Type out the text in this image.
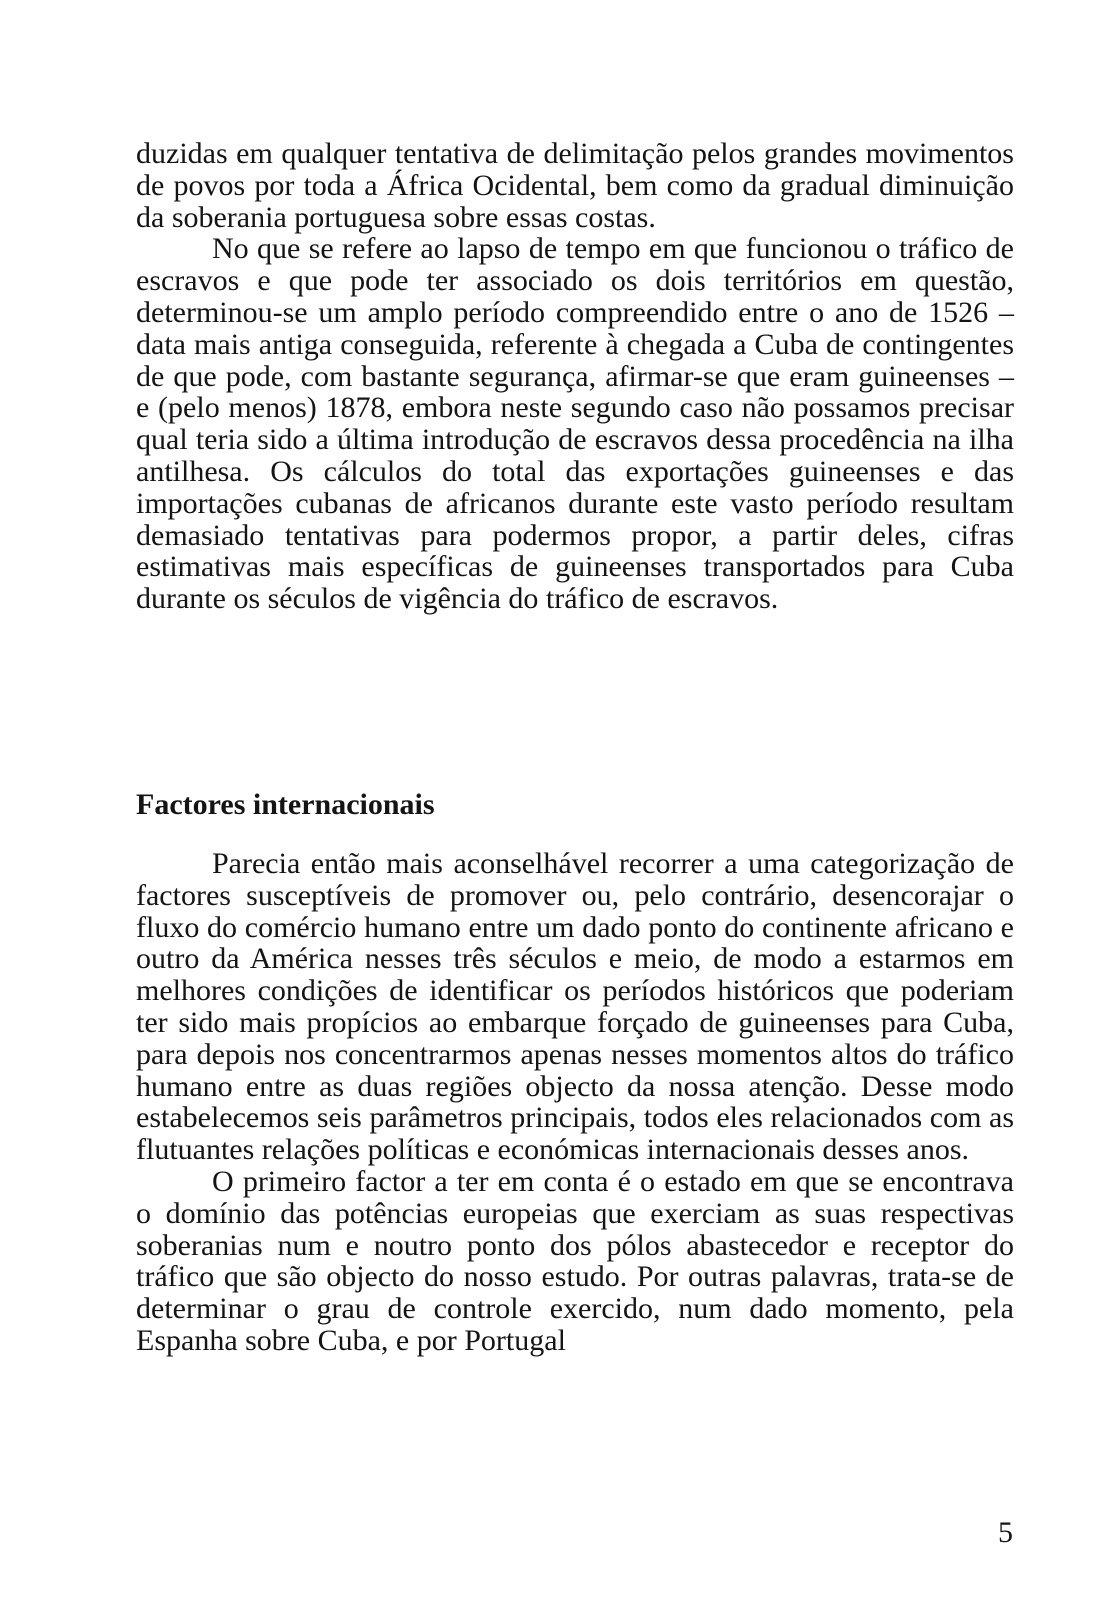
duzidas em qualquer tentativa de delimitação pelos grandes movimentos de povos por toda a África Ocidental, bem como da gradual diminuição da soberania portuguesa sobre essas costas.

No que se refere ao lapso de tempo em que funcionou o tráfico de escravos e que pode ter associado os dois territórios em questão, determinou-se um amplo período compreendido entre o ano de 1526 – data mais antiga conseguida, referente à chegada a Cuba de contingentes de que pode, com bastante segurança, afirmar-se que eram guineenses – e (pelo menos) 1878, embora neste segundo caso não possamos precisar qual teria sido a última introdução de escravos dessa procedência na ilha antilhesa. Os cálculos do total das exportações guineenses e das importações cubanas de africanos durante este vasto período resultam demasiado tentativas para podermos propor, a partir deles, cifras estimativas mais específicas de guineenses transportados para Cuba durante os séculos de vigência do tráfico de escravos.

Factores internacionais

Parecia então mais aconselhável recorrer a uma categorização de factores susceptíveis de promover ou, pelo contrário, desencorajar o fluxo do comércio humano entre um dado ponto do continente africano e outro da América nesses três séculos e meio, de modo a estarmos em melhores condições de identificar os períodos históricos que poderiam ter sido mais propícios ao embarque forçado de guineenses para Cuba, para depois nos concentrarmos apenas nesses momentos altos do tráfico humano entre as duas regiões objecto da nossa atenção. Desse modo estabelecemos seis parâmetros principais, todos eles relacionados com as flutuantes relações políticas e económicas internacionais desses anos.

O primeiro factor a ter em conta é o estado em que se encontrava o domínio das potências europeias que exerciam as suas respectivas soberanias num e noutro ponto dos pólos abastecedor e receptor do tráfico que são objecto do nosso estudo. Por outras palavras, trata-se de determinar o grau de controle exercido, num dado momento, pela Espanha sobre Cuba, e por Portugal

5
